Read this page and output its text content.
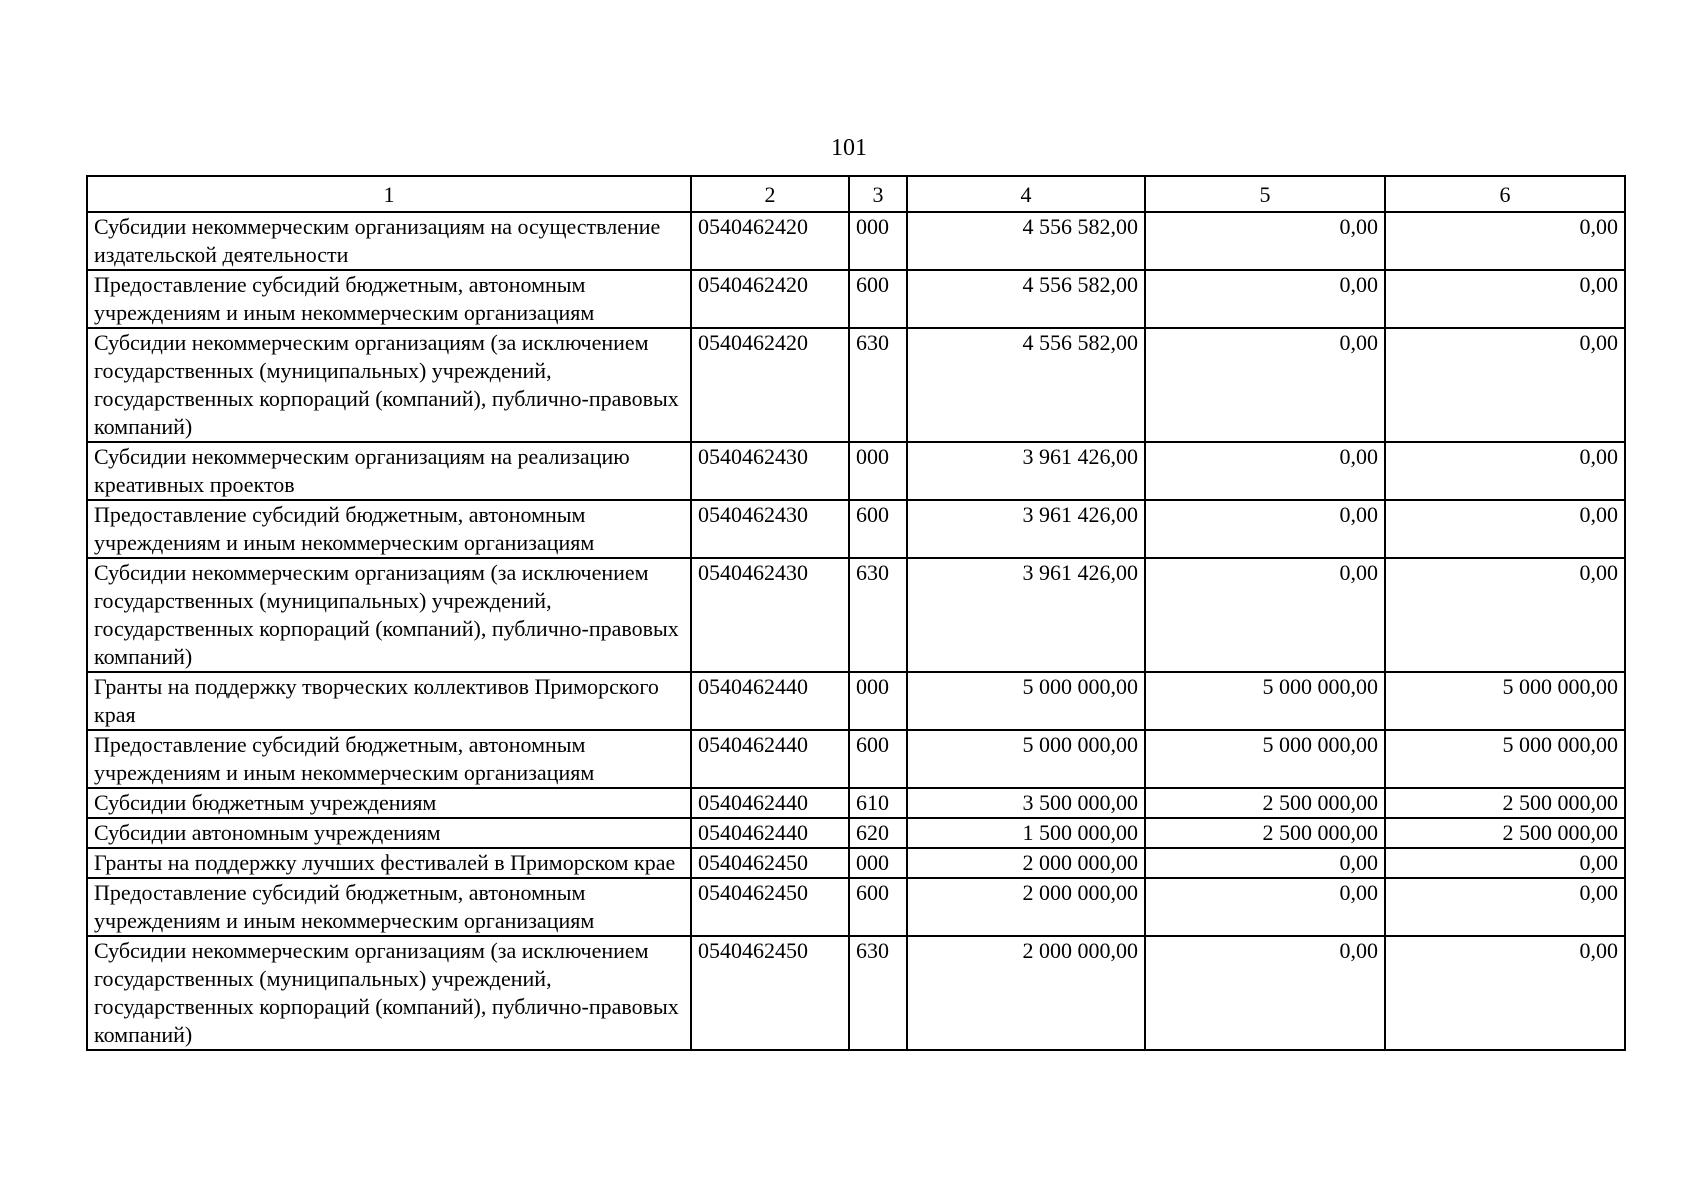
101
1	2	3	4	5	6
Субсидии некоммерческим организациям на осуществление издательской деятельности	0540462420	000	4 556 582,00	0,00	0,00
Предоставление субсидий бюджетным, автономным учреждениям и иным некоммерческим организациям	0540462420	600	4 556 582,00	0,00	0,00
Субсидии некоммерческим организациям (за исключением государственных (муниципальных) учреждений, государственных корпораций (компаний), публично-правовых компаний)	0540462420	630	4 556 582,00	0,00	0,00
Субсидии некоммерческим организациям на реализацию креативных проектов	0540462430	000	3 961 426,00	0,00	0,00
Предоставление субсидий бюджетным, автономным учреждениям и иным некоммерческим организациям	0540462430	600	3 961 426,00	0,00	0,00
Субсидии некоммерческим организациям (за исключением государственных (муниципальных) учреждений, государственных корпораций (компаний), публично-правовых компаний)	0540462430	630	3 961 426,00	0,00	0,00
Гранты на поддержку творческих коллективов Приморского края	0540462440	000	5 000 000,00	5 000 000,00	5 000 000,00
Предоставление субсидий бюджетным, автономным учреждениям и иным некоммерческим организациям	0540462440	600	5 000 000,00	5 000 000,00	5 000 000,00
Субсидии бюджетным учреждениям	0540462440	610	3 500 000,00	2 500 000,00	2 500 000,00
Субсидии автономным учреждениям	0540462440	620	1 500 000,00	2 500 000,00	2 500 000,00
Гранты на поддержку лучших фестивалей в Приморском крае	0540462450	000	2 000 000,00	0,00	0,00
Предоставление субсидий бюджетным, автономным учреждениям и иным некоммерческим организациям	0540462450	600	2 000 000,00	0,00	0,00
Субсидии некоммерческим организациям (за исключением государственных (муниципальных) учреждений, государственных корпораций (компаний), публично-правовых компаний)	0540462450	630	2 000 000,00	0,00	0,00
